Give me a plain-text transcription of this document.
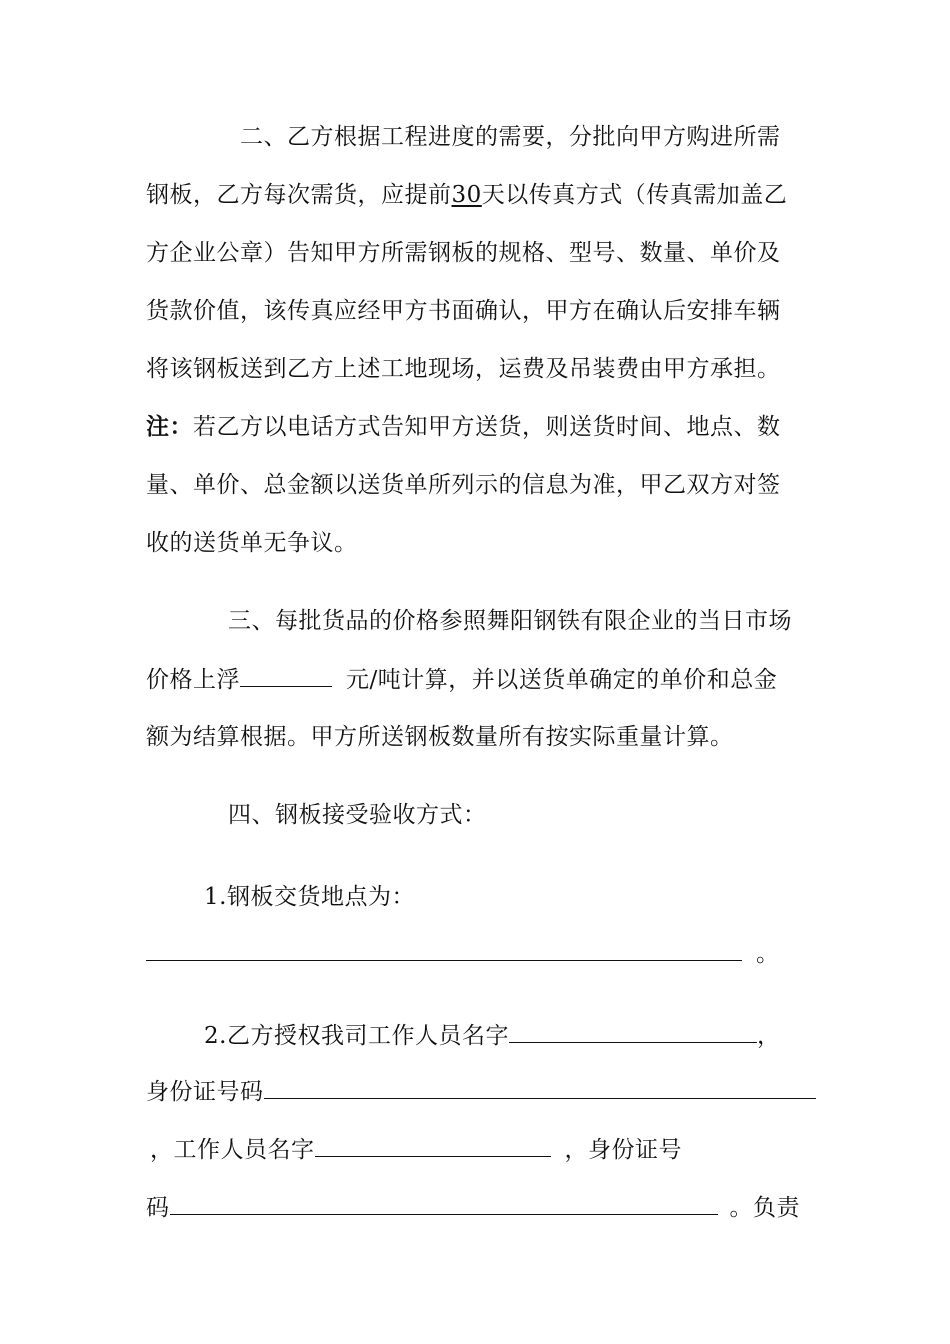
二、乙方根据工程进度的需要，分批向甲方购进所需
钢板，乙方每次需货，应提前30天以传真方式（传真需加盖乙
方企业公章）告知甲方所需钢板的规格、型号、数量、单价及
货款价值，该传真应经甲方书面确认，甲方在确认后安排车辆
将该钢板送到乙方上述工地现场，运费及吊装费由甲方承担。
注：若乙方以电话方式告知甲方送货，则送货时间、地点、数
量、单价、总金额以送货单所列示的信息为准，甲乙双方对签
收的送货单无争议。
三、每批货品的价格参照舞阳钢铁有限企业的当日市场
价格上浮	元/吨计算，并以送货单确定的单价和总金
额为结算根据。甲方所送钢板数量所有按实际重量计算。
四、钢板接受验收方式：
1.钢板交货地点为：
。
2.乙方授权我司工作人员名字	，
身份证号码
，工作人员名字	，身份证号
码	。负责
